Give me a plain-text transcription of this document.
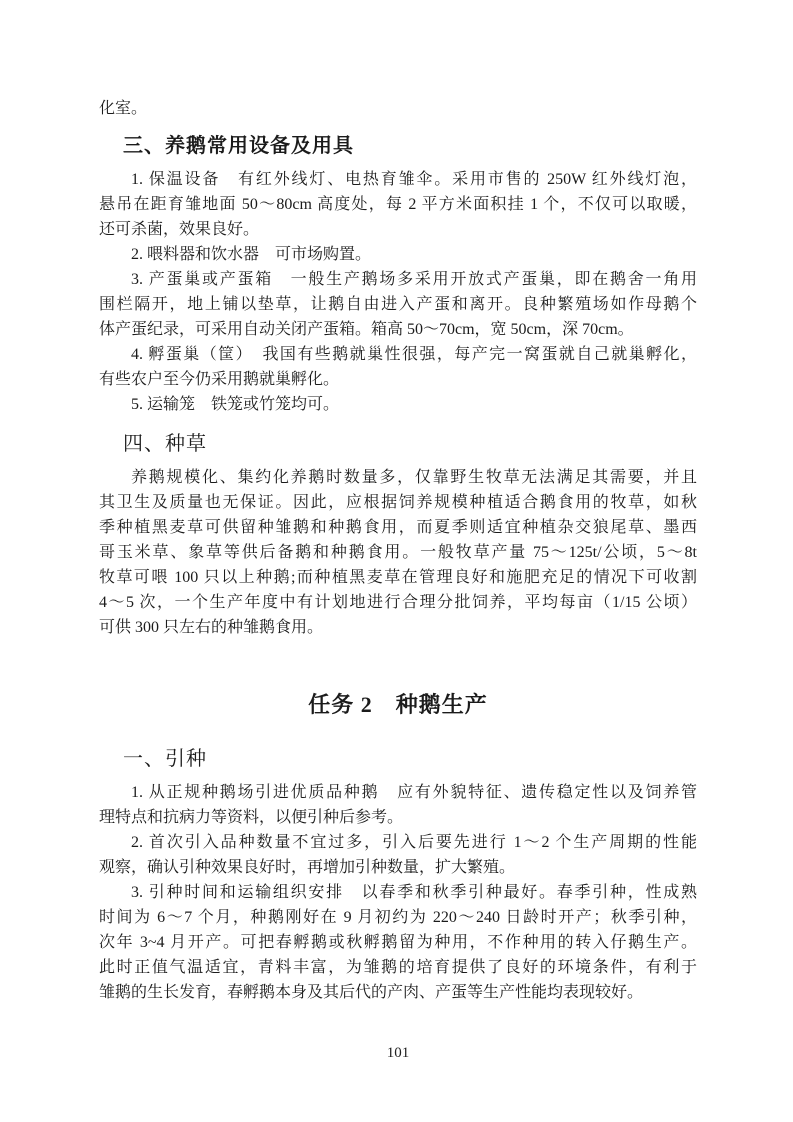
化室。
三、养鹅常用设备及用具
1. 保温设备　有红外线灯、电热育雏伞。采用市售的 250W 红外线灯泡，
悬吊在距育雏地面 50～80cm 高度处，每 2 平方米面积挂 1 个，不仅可以取暖，
还可杀菌，效果良好。
2. 喂料器和饮水器　可市场购置。
3. 产蛋巢或产蛋箱　一般生产鹅场多采用开放式产蛋巢，即在鹅舍一角用
围栏隔开，地上铺以垫草，让鹅自由进入产蛋和离开。良种繁殖场如作母鹅个
体产蛋纪录，可采用自动关闭产蛋箱。箱高 50～70cm，宽 50cm，深 70cm。
4. 孵蛋巢（筐）　我国有些鹅就巢性很强，每产完一窝蛋就自己就巢孵化，
有些农户至今仍采用鹅就巢孵化。
5. 运输笼　铁笼或竹笼均可。
四、种草
养鹅规模化、集约化养鹅时数量多，仅靠野生牧草无法满足其需要，并且
其卫生及质量也无保证。因此，应根据饲养规模种植适合鹅食用的牧草，如秋
季种植黑麦草可供留种雏鹅和种鹅食用，而夏季则适宜种植杂交狼尾草、墨西
哥玉米草、象草等供后备鹅和种鹅食用。一般牧草产量 75～125t/公顷，5～8t
牧草可喂 100 只以上种鹅;而种植黑麦草在管理良好和施肥充足的情况下可收割
4～5 次，一个生产年度中有计划地进行合理分批饲养，平均每亩（1/15 公顷）
可供 300 只左右的种雏鹅食用。
任务 2　种鹅生产
一、引种
1. 从正规种鹅场引进优质品种鹅　应有外貌特征、遗传稳定性以及饲养管
理特点和抗病力等资料，以便引种后参考。
2. 首次引入品种数量不宜过多，引入后要先进行 1～2 个生产周期的性能
观察，确认引种效果良好时，再增加引种数量，扩大繁殖。
3. 引种时间和运输组织安排　以春季和秋季引种最好。春季引种，性成熟
时间为 6～7 个月，种鹅刚好在 9 月初约为 220～240 日龄时开产；秋季引种，
次年 3~4 月开产。可把春孵鹅或秋孵鹅留为种用，不作种用的转入仔鹅生产。
此时正值气温适宜，青料丰富，为雏鹅的培育提供了良好的环境条件，有利于
雏鹅的生长发育，春孵鹅本身及其后代的产肉、产蛋等生产性能均表现较好。
101
